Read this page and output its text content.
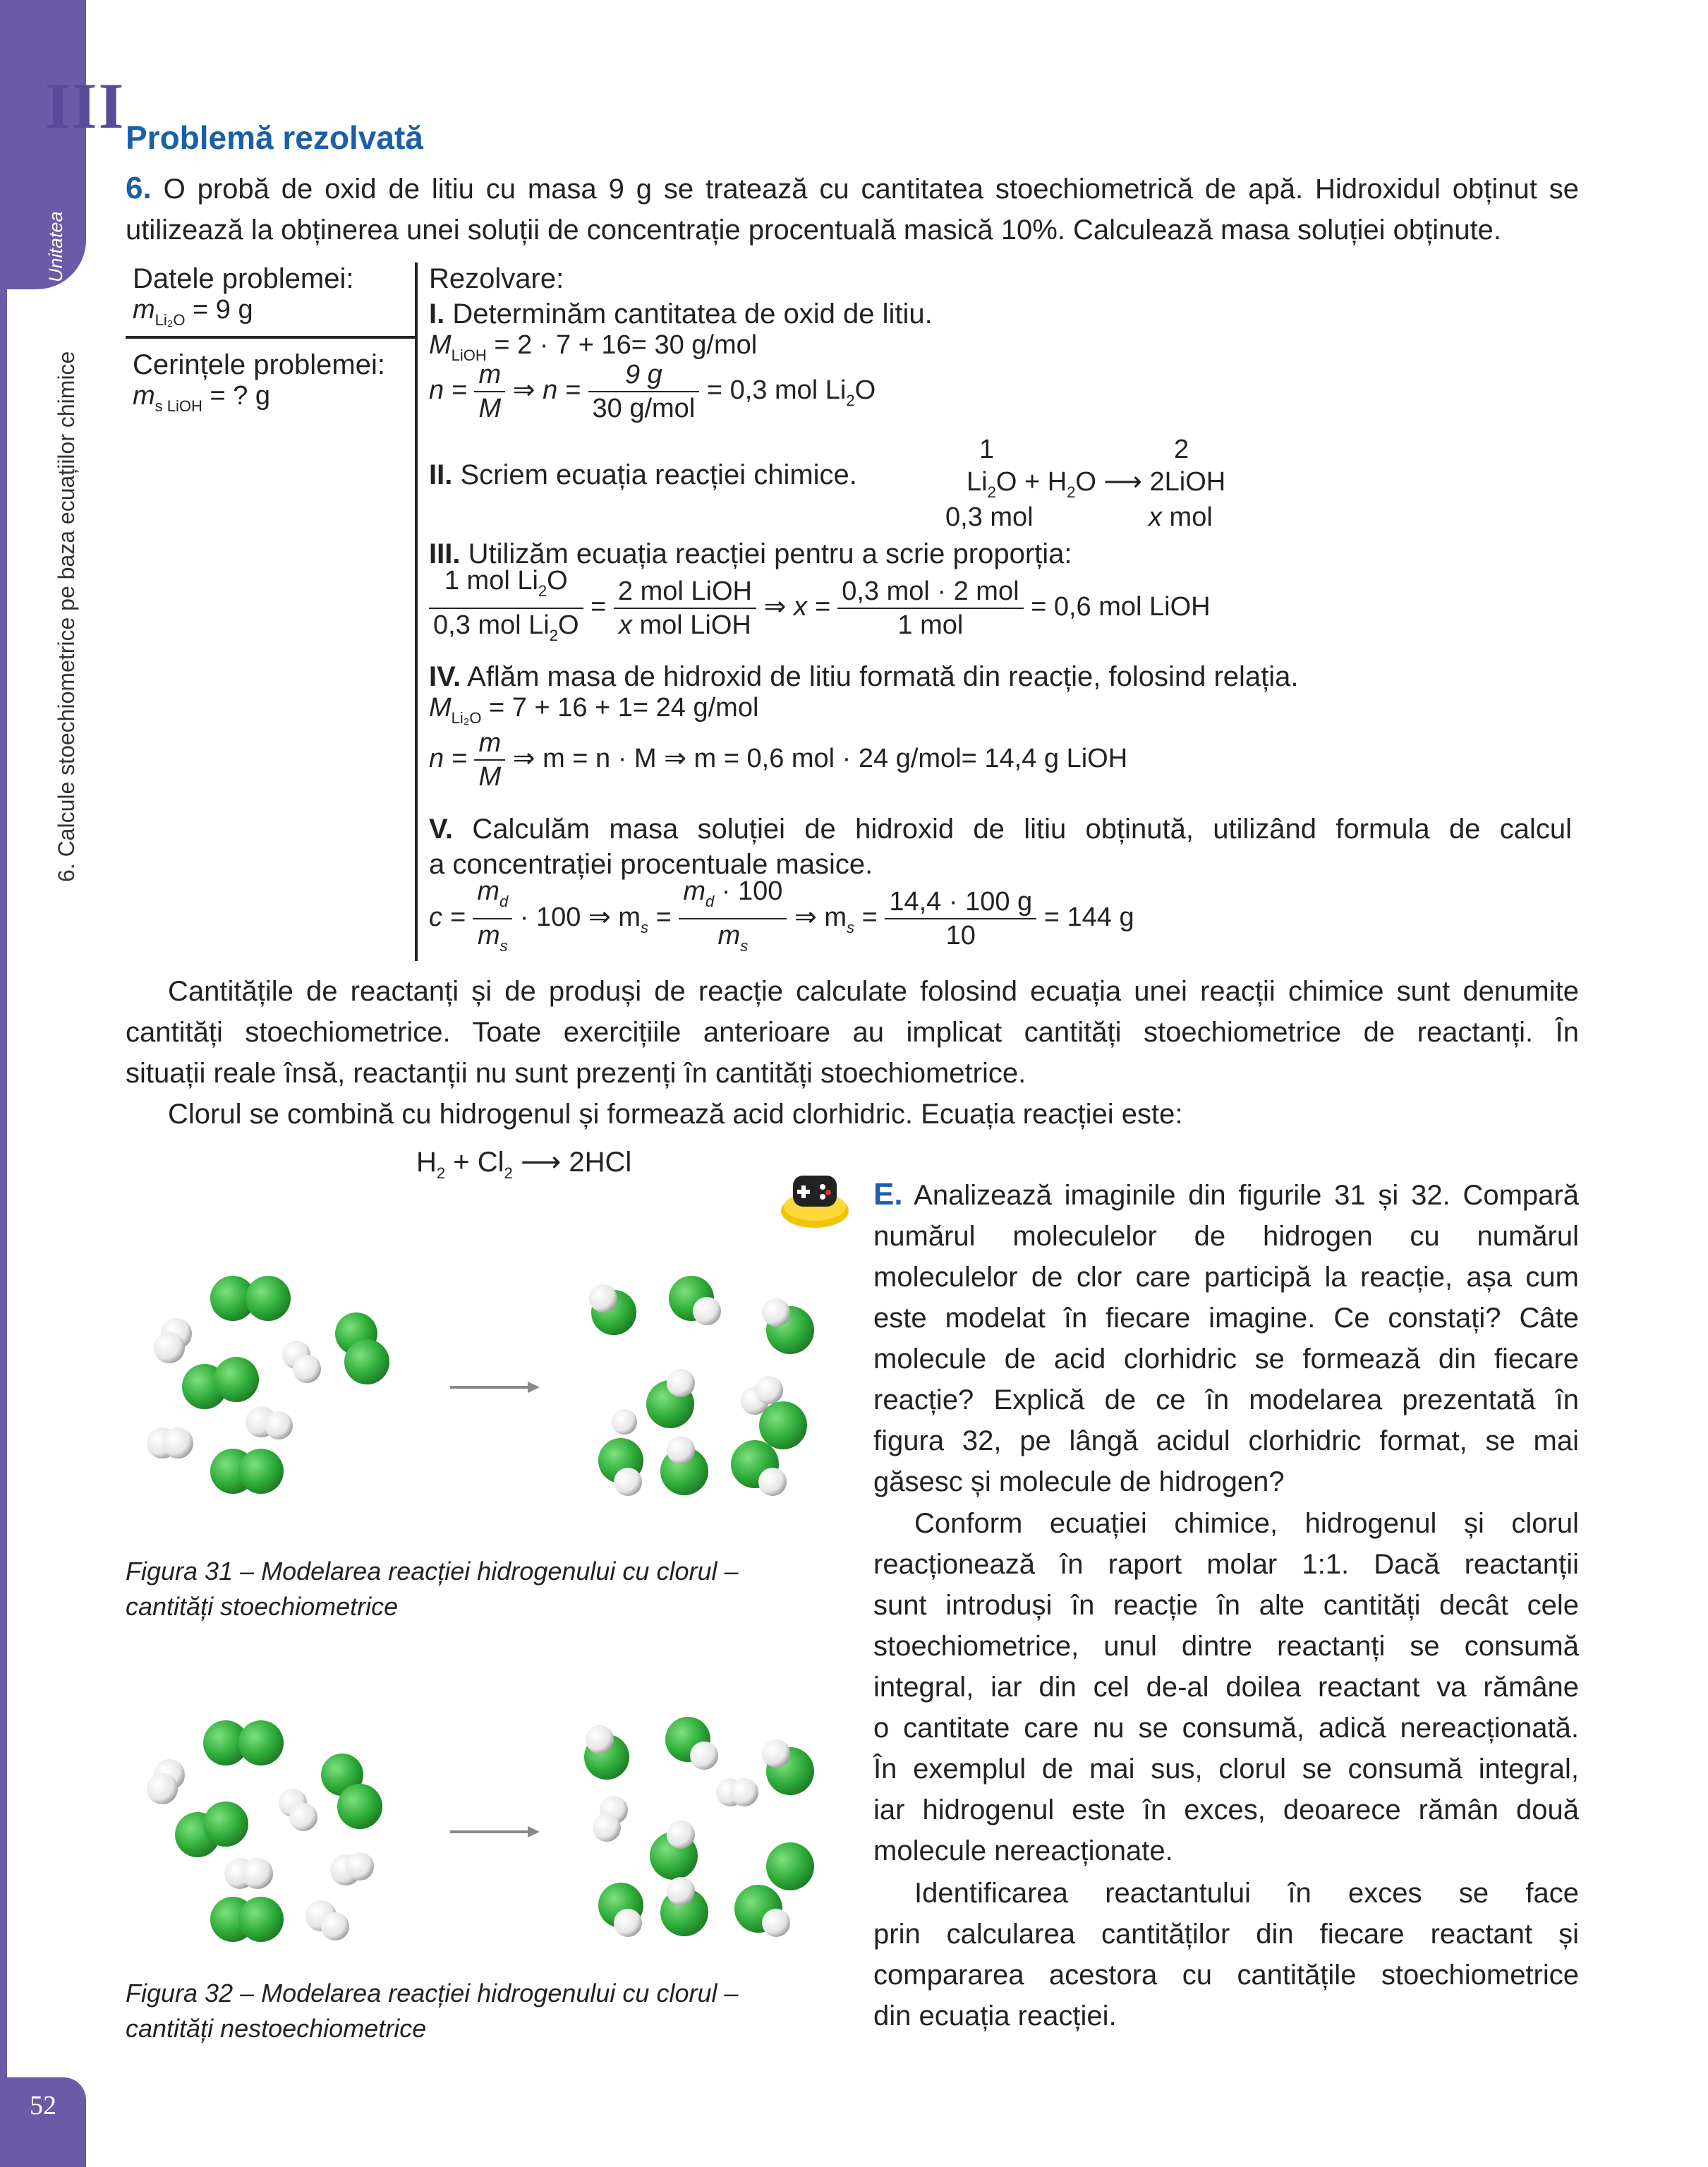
Unitatea
III
6. Calcule stoechiometrice pe baza ecuațiilor chimice
52
Problemă rezolvată
6. O probă de oxid de litiu cu masa 9 g se tratează cu cantitatea stoechiometrică de apă. Hidroxidul obținut se
utilizează la obținerea unei soluții de concentrație procentuală masică 10%. Calculează masa soluției obținute.
Datele problemei:
$m_{Li_2O} = 9$ g
Cerințele problemei:
$m_{s LiOH}$ = ? g
Rezolvare:
I. Determinăm cantitatea de oxid de litiu.
$M_{LiOH} = 2 \cdot 7 + 16= 30$ g/mol
$n = \frac{m}{M}$ ⇒ $n = \frac{9 g}{\text{30 g/mol}} = 0,3$ mol $Li_2O$
II. Scriem ecuația reacției chimice.
1	2
$Li_2O + H_2O$ ⟶ 2LiOH
0,3 mol	x mol
III. Utilizăm ecuația reacției pentru a scrie proporția:
$\frac{1 mol Li_2O}{0,3 mol Li_2O} = \frac{\text{2 mol LiOH}}{\text{x mol LiOH}}$ ⇒ $x = \frac{\text{0,3 mol · 2 mol}}{\text{1 mol}} = 0,6$ mol LiOH
IV. Aflăm masa de hidroxid de litiu formată din reacție, folosind relația.
$M_{Li_2O} = 7 + 16 + 1= 24$ g/mol
$n = \frac{m}{M}$ ⇒ m = n · M ⇒ m = 0,6 mol · 24 g/mol= 14,4 g LiOH
V. Calculăm masa soluției de hidroxid de litiu obținută, utilizând formula de calcul
a concentrației procentuale masice.
$c = \frac{m_d}{m_s} \cdot 100$ ⇒ $m_s = \frac{m_d \cdot 100}{m_s}$ ⇒ $m_s = \frac{14,4 \cdot 100 g}{10} = 144$ g
Cantitățile de reactanți și de produși de reacție calculate folosind ecuația unei reacții chimice sunt denumite
cantități stoechiometrice. Toate exercițiile anterioare au implicat cantități stoechiometrice de reactanți. În
situații reale însă, reactanții nu sunt prezenți în cantități stoechiometrice.
Clorul se combină cu hidrogenul și formează acid clorhidric. Ecuația reacției este:
$H_2 + Cl_2$ ⟶ 2HCl
Figura 31 – Modelarea reacției hidrogenului cu clorul –
cantități stoechiometrice
Figura 32 – Modelarea reacției hidrogenului cu clorul –
cantități nestoechiometrice
E. Analizează imaginile din figurile 31 și 32. Compară
numărul moleculelor de hidrogen cu numărul
moleculelor de clor care participă la reacție, așa cum
este modelat în fiecare imagine. Ce constați? Câte
molecule de acid clorhidric se formează din fiecare
reacție? Explică de ce în modelarea prezentată în
figura 32, pe lângă acidul clorhidric format, se mai
găsesc și molecule de hidrogen?
Conform ecuației chimice, hidrogenul și clorul
reacționează în raport molar 1:1. Dacă reactanții
sunt introduși în reacție în alte cantități decât cele
stoechiometrice, unul dintre reactanți se consumă
integral, iar din cel de-al doilea reactant va rămâne
o cantitate care nu se consumă, adică nereacționată.
În exemplul de mai sus, clorul se consumă integral,
iar hidrogenul este în exces, deoarece rămân două
molecule nereacționate.
Identificarea reactantului în exces se face
prin calcularea cantităților din fiecare reactant și
compararea acestora cu cantitățile stoechiometrice
din ecuația reacției.
